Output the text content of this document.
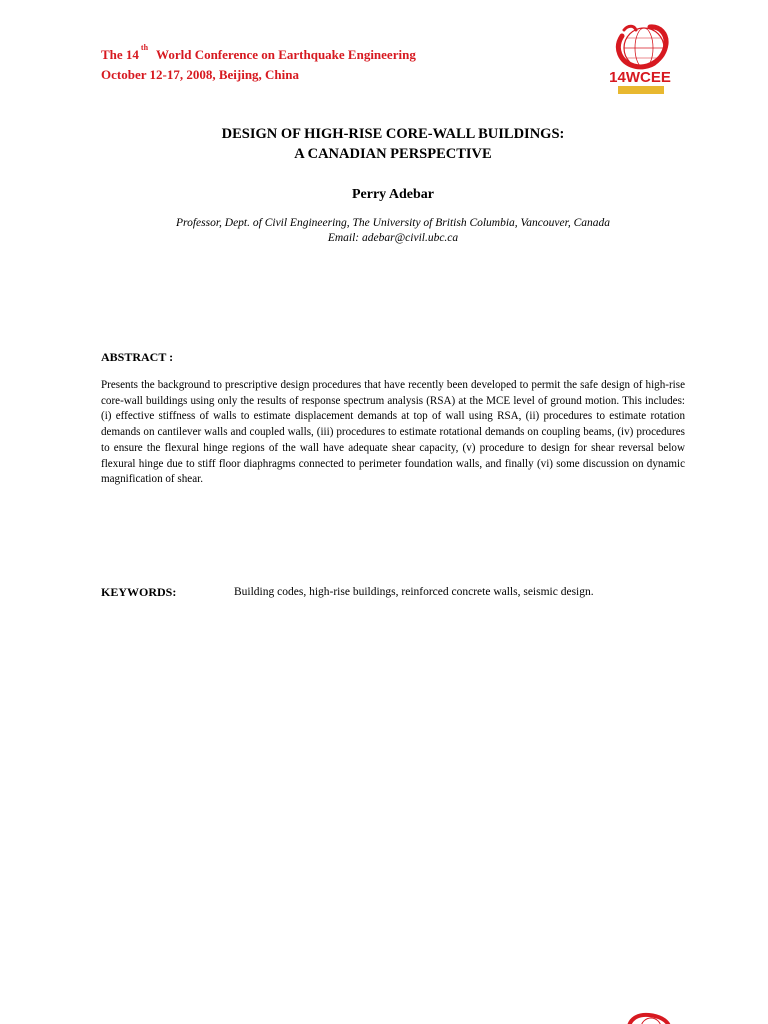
The 14 $^{th}$ World Conference on Earthquake Engineering
October 12-17, 2008, Beijing, China	14WCEE
DESIGN OF HIGH-RISE CORE-WALL BUILDINGS:
A CANADIAN PERSPECTIVE
Perry Adebar
Professor, Dept. of Civil Engineering, The University of British Columbia, Vancouver, Canada
Email: adebar@civil.ubc.ca
ABSTRACT :
Presents the background to prescriptive design procedures that have recently been developed to permit the safe design of high-rise core-wall buildings using only the results of response spectrum analysis (RSA) at the MCE level of ground motion. This includes: (i) effective stiffness of walls to estimate displacement demands at top of wall using RSA, (ii) procedures to estimate rotation demands on cantilever walls and coupled walls, (iii) procedures to estimate rotational demands on coupling beams, (iv) procedures to ensure the flexural hinge regions of the wall have adequate shear capacity, (v) procedure to design for shear reversal below flexural hinge due to stiff floor diaphragms connected to perimeter foundation walls, and finally (vi) some discussion on dynamic magnification of shear.
KEYWORDS:	Building codes, high-rise buildings, reinforced concrete walls, seismic design.
